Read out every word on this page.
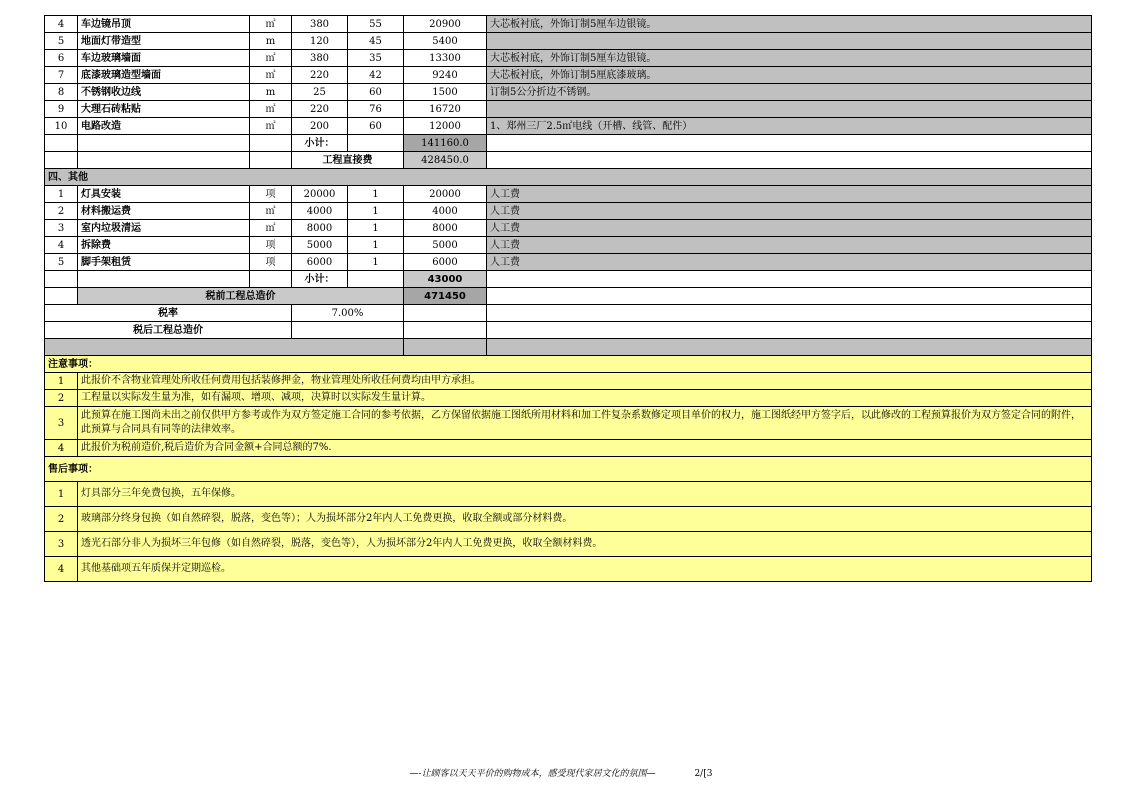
4	车边镜吊顶	㎡	380	55	20900	大芯板衬底，外饰订制5厘车边银镜。
5	地面灯带造型	m	120	45	5400	
6	车边玻璃墙面	㎡	380	35	13300	大芯板衬底，外饰订制5厘车边银镜。
7	底漆玻璃造型墙面	㎡	220	42	9240	大芯板衬底，外饰订制5厘底漆玻璃。
8	不锈钢收边线	m	25	60	1500	订制5公分折边不锈钢。
9	大理石砖粘贴	㎡	220	76	16720	
10	电路改造	㎡	200	60	12000	1、郑州三厂2.5㎡电线（开槽、线管、配件）
			小计：		141160.0	
			工程直接费		428450.0	
四、其他						
1	灯具安装	项	20000	1	20000	人工费
2	材料搬运费	㎡	4000	1	4000	人工费
3	室内垃圾清运	㎡	8000	1	8000	人工费
4	拆除费	项	5000	1	5000	人工费
5	脚手架租赁	项	6000	1	6000	人工费
			小计：		43000	
	税前工程总造价				471450	
税率			7.00%			
税后工程总造价						

注意事项：						
1	此报价不含物业管理处所收任何费用包括装修押金，物业管理处所收任何费均由甲方承担。					
2	工程量以实际发生量为准，如有漏项、增项、减项，决算时以实际发生量计算。					
3	此预算在施工图尚未出之前仅供甲方参考或作为双方签定施工合同的参考依据，乙方保留依据施工图纸所用材料和加工件复杂系数修定项目单价的权力，施工图纸经甲方签字后，以此修改的工程预算报价为双方签定合同的附件，此预算与合同具有同等的法律效率。					
4	此报价为税前造价,税后造价为合同金额+合同总额的7%.					
售后事项：						
1	灯具部分三年免费包换，五年保修。					
2	玻璃部分终身包换（如自然碎裂，脱落，变色等）；人为损坏部分2年内人工免费更换，收取全额或部分材料费。					
3	透光石部分非人为损坏三年包修（如自然碎裂，脱落，变色等），人为损坏部分2年内人工免费更换，收取全额材料费。					
4	其他基础项五年质保并定期巡检。					
—-让顾客以天天平价的购物成本，感受现代家居文化的氛围—	2/[3
